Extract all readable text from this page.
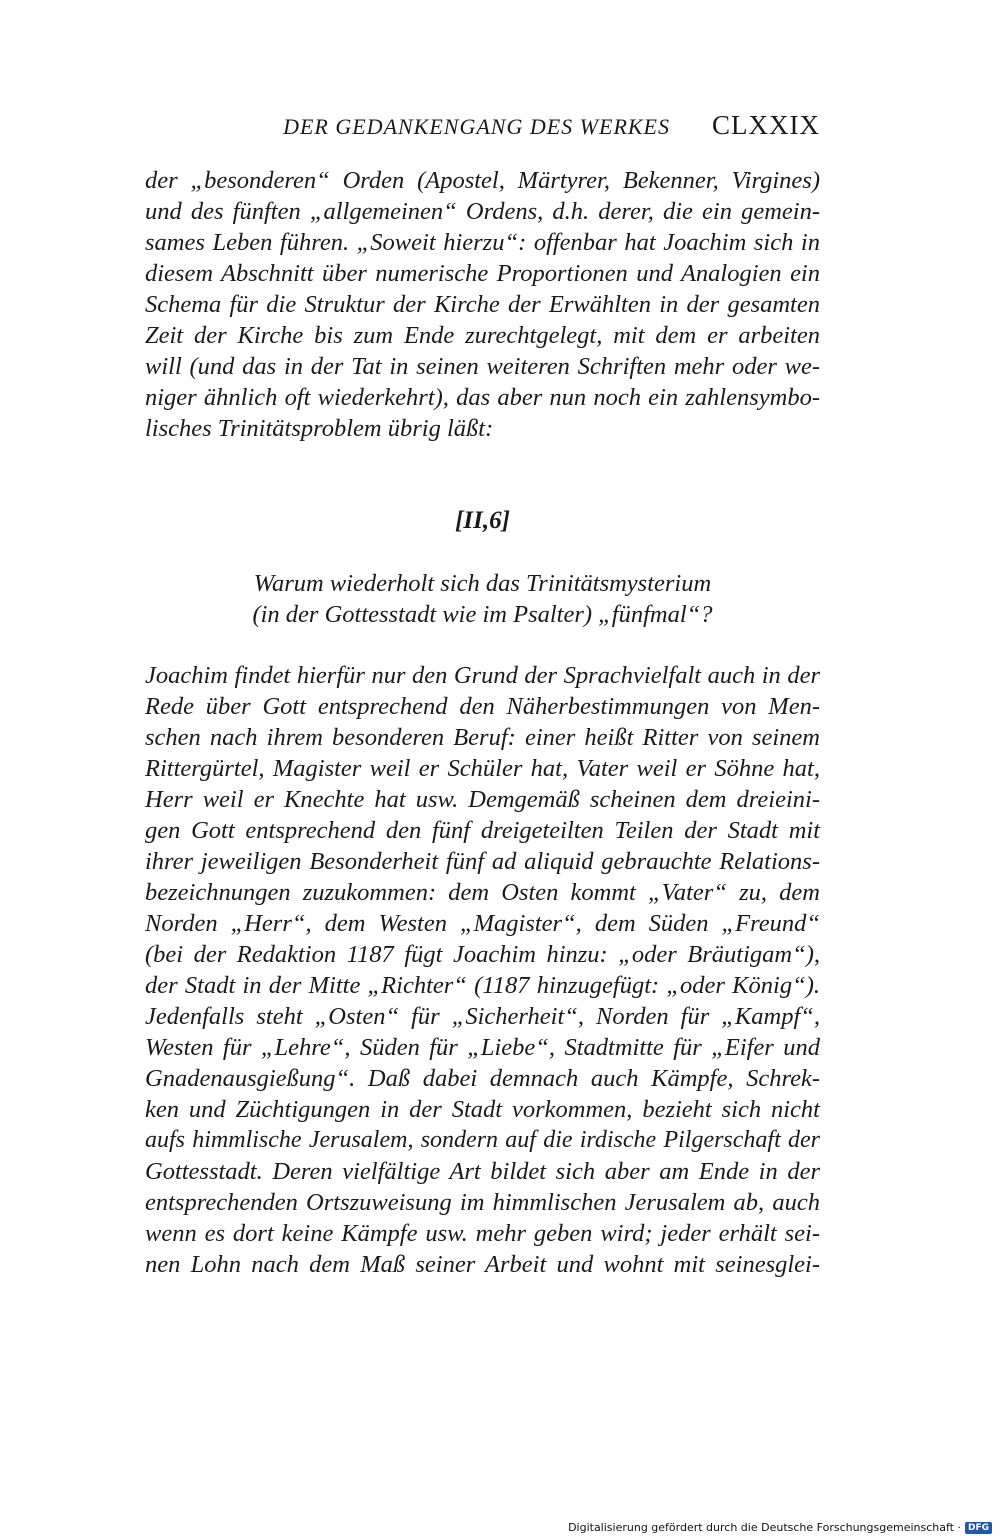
DER GEDANKENGANG DES WERKES CLXXIX
der „besonderen“ Orden (Apostel, Märtyrer, Bekenner, Virgines)
und des fünften „allgemeinen“ Ordens, d.h. derer, die ein gemein-
sames Leben führen. „Soweit hierzu“: offenbar hat Joachim sich in
diesem Abschnitt über numerische Proportionen und Analogien ein
Schema für die Struktur der Kirche der Erwählten in der gesamten
Zeit der Kirche bis zum Ende zurechtgelegt, mit dem er arbeiten
will (und das in der Tat in seinen weiteren Schriften mehr oder we-
niger ähnlich oft wiederkehrt), das aber nun noch ein zahlensymbo-
lisches Trinitätsproblem übrig läßt:
[II,6]
Warum wiederholt sich das Trinitätsmysterium
(in der Gottesstadt wie im Psalter) „fünfmal“?
Joachim findet hierfür nur den Grund der Sprachvielfalt auch in der
Rede über Gott entsprechend den Näherbestimmungen von Men-
schen nach ihrem besonderen Beruf: einer heißt Ritter von seinem
Rittergürtel, Magister weil er Schüler hat, Vater weil er Söhne hat,
Herr weil er Knechte hat usw. Demgemäß scheinen dem dreieini-
gen Gott entsprechend den fünf dreigeteilten Teilen der Stadt mit
ihrer jeweiligen Besonderheit fünf ad aliquid gebrauchte Relations-
bezeichnungen zuzukommen: dem Osten kommt „Vater“ zu, dem
Norden „Herr“, dem Westen „Magister“, dem Süden „Freund“
(bei der Redaktion 1187 fügt Joachim hinzu: „oder Bräutigam“),
der Stadt in der Mitte „Richter“ (1187 hinzugefügt: „oder König“).
Jedenfalls steht „Osten“ für „Sicherheit“, Norden für „Kampf“,
Westen für „Lehre“, Süden für „Liebe“, Stadtmitte für „Eifer und
Gnadenausgießung“. Daß dabei demnach auch Kämpfe, Schrek-
ken und Züchtigungen in der Stadt vorkommen, bezieht sich nicht
aufs himmlische Jerusalem, sondern auf die irdische Pilgerschaft der
Gottesstadt. Deren vielfältige Art bildet sich aber am Ende in der
entsprechenden Ortszuweisung im himmlischen Jerusalem ab, auch
wenn es dort keine Kämpfe usw. mehr geben wird; jeder erhält sei-
nen Lohn nach dem Maß seiner Arbeit und wohnt mit seinesglei-
Digitalisierung gefördert durch die Deutsche Forschungsgemeinschaft · DFG
